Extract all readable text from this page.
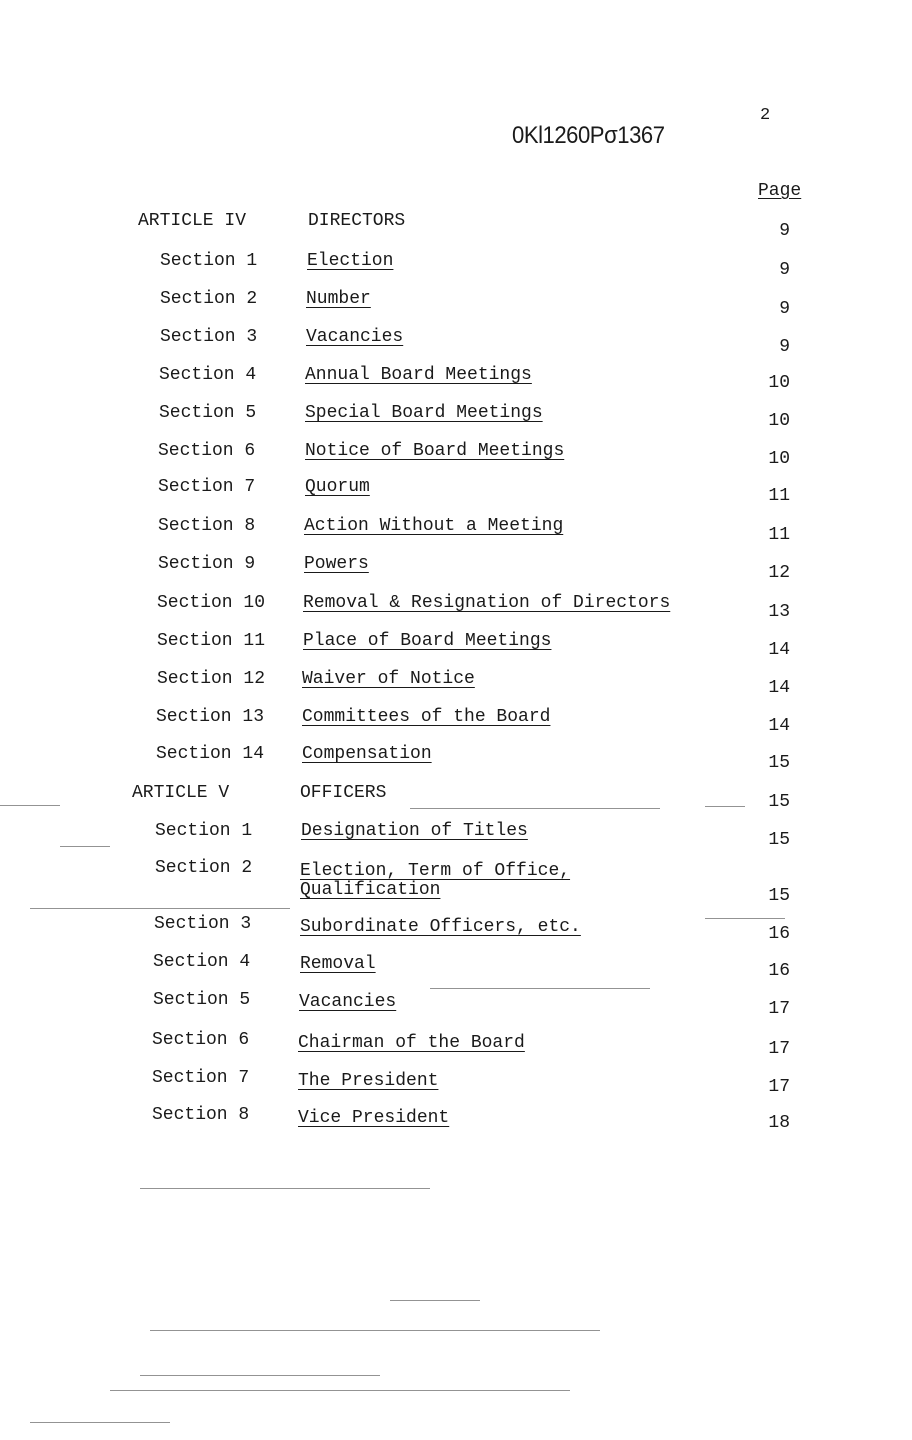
2
0Kl1260Pσ1367
Page
ARTICLE IV	DIRECTORS	9
Section 1	Election	9
Section 2	Number	9
Section 3	Vacancies	9
Section 4	Annual Board Meetings	10
Section 5	Special Board Meetings	10
Section 6	Notice of Board Meetings	10
Section 7	Quorum	11
Section 8	Action Without a Meeting	11
Section 9	Powers	12
Section 10 Removal & Resignation of Directors	13
Section 11 Place of Board Meetings	14
Section 12 Waiver of Notice	14
Section 13 Committees of the Board	14
Section 14 Compensation	15
ARTICLE V	OFFICERS	15
Section 1	Designation of Titles	15
Section 2	Election, Term of Office,
Qualification	15
Section 3	Subordinate Officers, etc.	16
Section 4	Removal	16
Section 5	Vacancies	17
Section 6	Chairman of the Board	17
Section 7	The President	17
Section 8	Vice President	18
